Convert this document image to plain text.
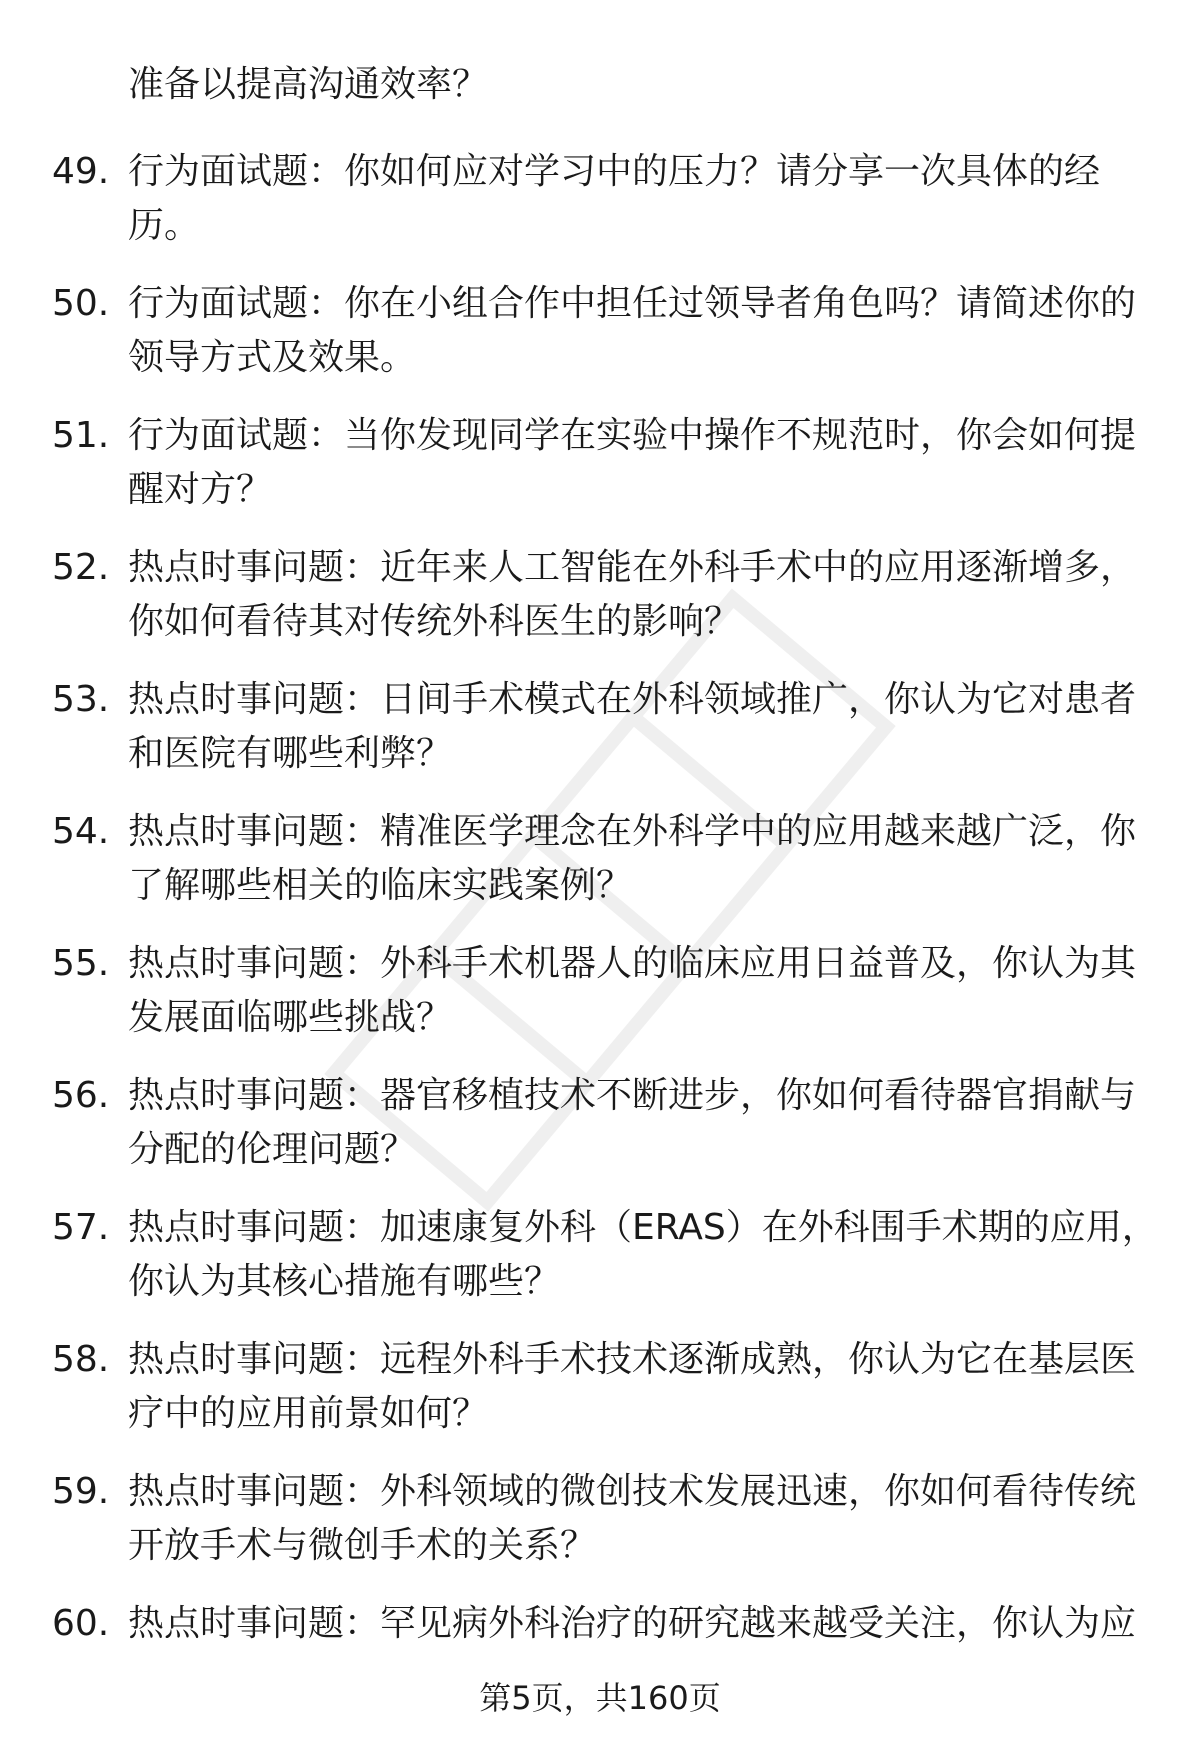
准备以提高沟通效率？
49. 行为面试题：你如何应对学习中的压力？请分享一次具体的经
历。
50. 行为面试题：你在小组合作中担任过领导者角色吗？请简述你的
领导方式及效果。
51. 行为面试题：当你发现同学在实验中操作不规范时，你会如何提
醒对方？
52. 热点时事问题：近年来人工智能在外科手术中的应用逐渐增多，
你如何看待其对传统外科医生的影响？
53. 热点时事问题：日间手术模式在外科领域推广，你认为它对患者
和医院有哪些利弊？
54. 热点时事问题：精准医学理念在外科学中的应用越来越广泛，你
了解哪些相关的临床实践案例？
55. 热点时事问题：外科手术机器人的临床应用日益普及，你认为其
发展面临哪些挑战？
56. 热点时事问题：器官移植技术不断进步，你如何看待器官捐献与
分配的伦理问题？
57. 热点时事问题：加速康复外科（ERAS）在外科围手术期的应用，
你认为其核心措施有哪些？
58. 热点时事问题：远程外科手术技术逐渐成熟，你认为它在基层医
疗中的应用前景如何？
59. 热点时事问题：外科领域的微创技术发展迅速，你如何看待传统
开放手术与微创手术的关系？
60. 热点时事问题：罕见病外科治疗的研究越来越受关注，你认为应
第5页，共160页
